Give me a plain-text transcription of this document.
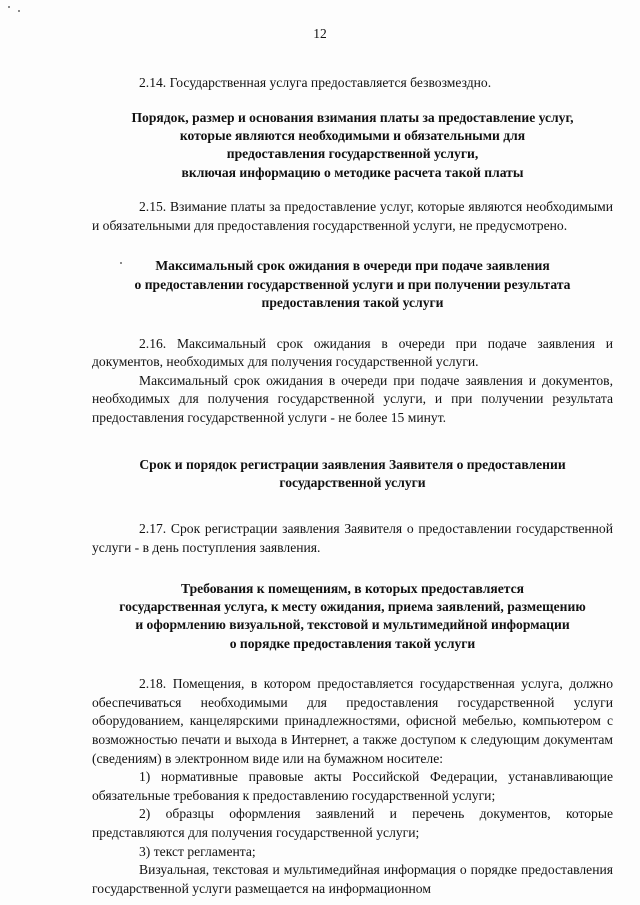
12

2.14. Государственная услуга предоставляется безвозмездно.

Порядок, размер и основания взимания платы за предоставление услуг,
которые являются необходимыми и обязательными для
предоставления государственной услуги,
включая информацию о методике расчета такой платы

2.15. Взимание платы за предоставление услуг, которые являются необходимыми и обязательными для предоставления государственной услуги, не предусмотрено.

Максимальный срок ожидания в очереди при подаче заявления
о предоставлении государственной услуги и при получении результата
предоставления такой услуги

2.16. Максимальный срок ожидания в очереди при подаче заявления и документов, необходимых для получения государственной услуги.

Максимальный срок ожидания в очереди при подаче заявления и документов, необходимых для получения государственной услуги, и при получении результата предоставления государственной услуги - не более 15 минут.

Срок и порядок регистрации заявления Заявителя о предоставлении
государственной услуги

2.17. Срок регистрации заявления Заявителя о предоставлении государственной услуги - в день поступления заявления.

Требования к помещениям, в которых предоставляется
государственная услуга, к месту ожидания, приема заявлений, размещению
и оформлению визуальной, текстовой и мультимедийной информации
о порядке предоставления такой услуги

2.18. Помещения, в котором предоставляется государственная услуга, должно обеспечиваться необходимыми для предоставления государственной услуги оборудованием, канцелярскими принадлежностями, офисной мебелью, компьютером с возможностью печати и выхода в Интернет, а также доступом к следующим документам (сведениям) в электронном виде или на бумажном носителе:

1) нормативные правовые акты Российской Федерации, устанавливающие обязательные требования к предоставлению государственной услуги;

2) образцы оформления заявлений и перечень документов, которые представляются для получения государственной услуги;

3) текст регламента;

Визуальная, текстовая и мультимедийная информация о порядке предоставления государственной услуги размещается на информационном
